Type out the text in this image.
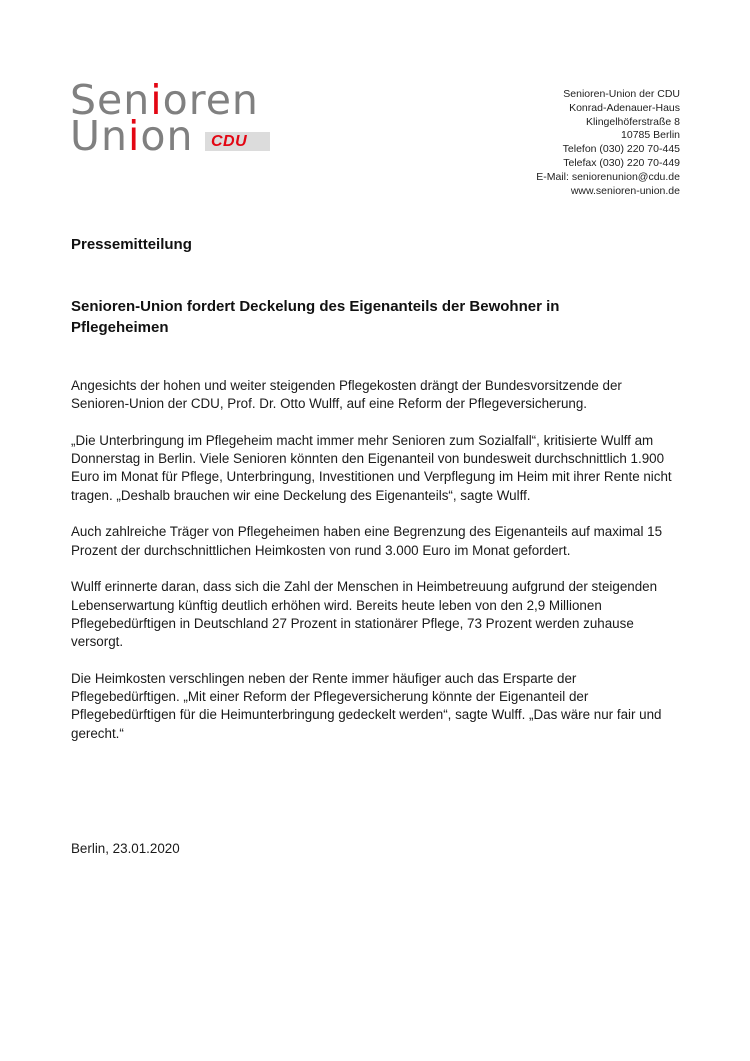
Senioren
Union	CDU
Senioren-Union der CDU
Konrad-Adenauer-Haus
Klingelhöferstraße 8
10785 Berlin
Telefon (030) 220 70-445
Telefax (030) 220 70-449
E-Mail: seniorenunion@cdu.de
www.senioren-union.de
Pressemitteilung
Senioren-Union fordert Deckelung des Eigenanteils der Bewohner in Pflegeheimen

Angesichts der hohen und weiter steigenden Pflegekosten drängt der Bundesvorsitzende der Senioren-Union der CDU, Prof. Dr. Otto Wulff, auf eine Reform der Pflegeversicherung.

„Die Unterbringung im Pflegeheim macht immer mehr Senioren zum Sozialfall“, kritisierte Wulff am Donnerstag in Berlin. Viele Senioren könnten den Eigenanteil von bundesweit durchschnittlich 1.900 Euro im Monat für Pflege, Unterbringung, Investitionen und Verpflegung im Heim mit ihrer Rente nicht tragen. „Deshalb brauchen wir eine Deckelung des Eigenanteils“, sagte Wulff.

Auch zahlreiche Träger von Pflegeheimen haben eine Begrenzung des Eigenanteils auf maximal 15 Prozent der durchschnittlichen Heimkosten von rund 3.000 Euro im Monat gefordert.

Wulff erinnerte daran, dass sich die Zahl der Menschen in Heimbetreuung aufgrund der steigenden Lebenserwartung künftig deutlich erhöhen wird. Bereits heute leben von den 2,9 Millionen Pflegebedürftigen in Deutschland 27 Prozent in stationärer Pflege, 73 Prozent werden zuhause versorgt.

Die Heimkosten verschlingen neben der Rente immer häufiger auch das Ersparte der Pflegebedürftigen. „Mit einer Reform der Pflegeversicherung könnte der Eigenanteil der Pflegebedürftigen für die Heimunterbringung gedeckelt werden“, sagte Wulff. „Das wäre nur fair und gerecht.“

Berlin, 23.01.2020
